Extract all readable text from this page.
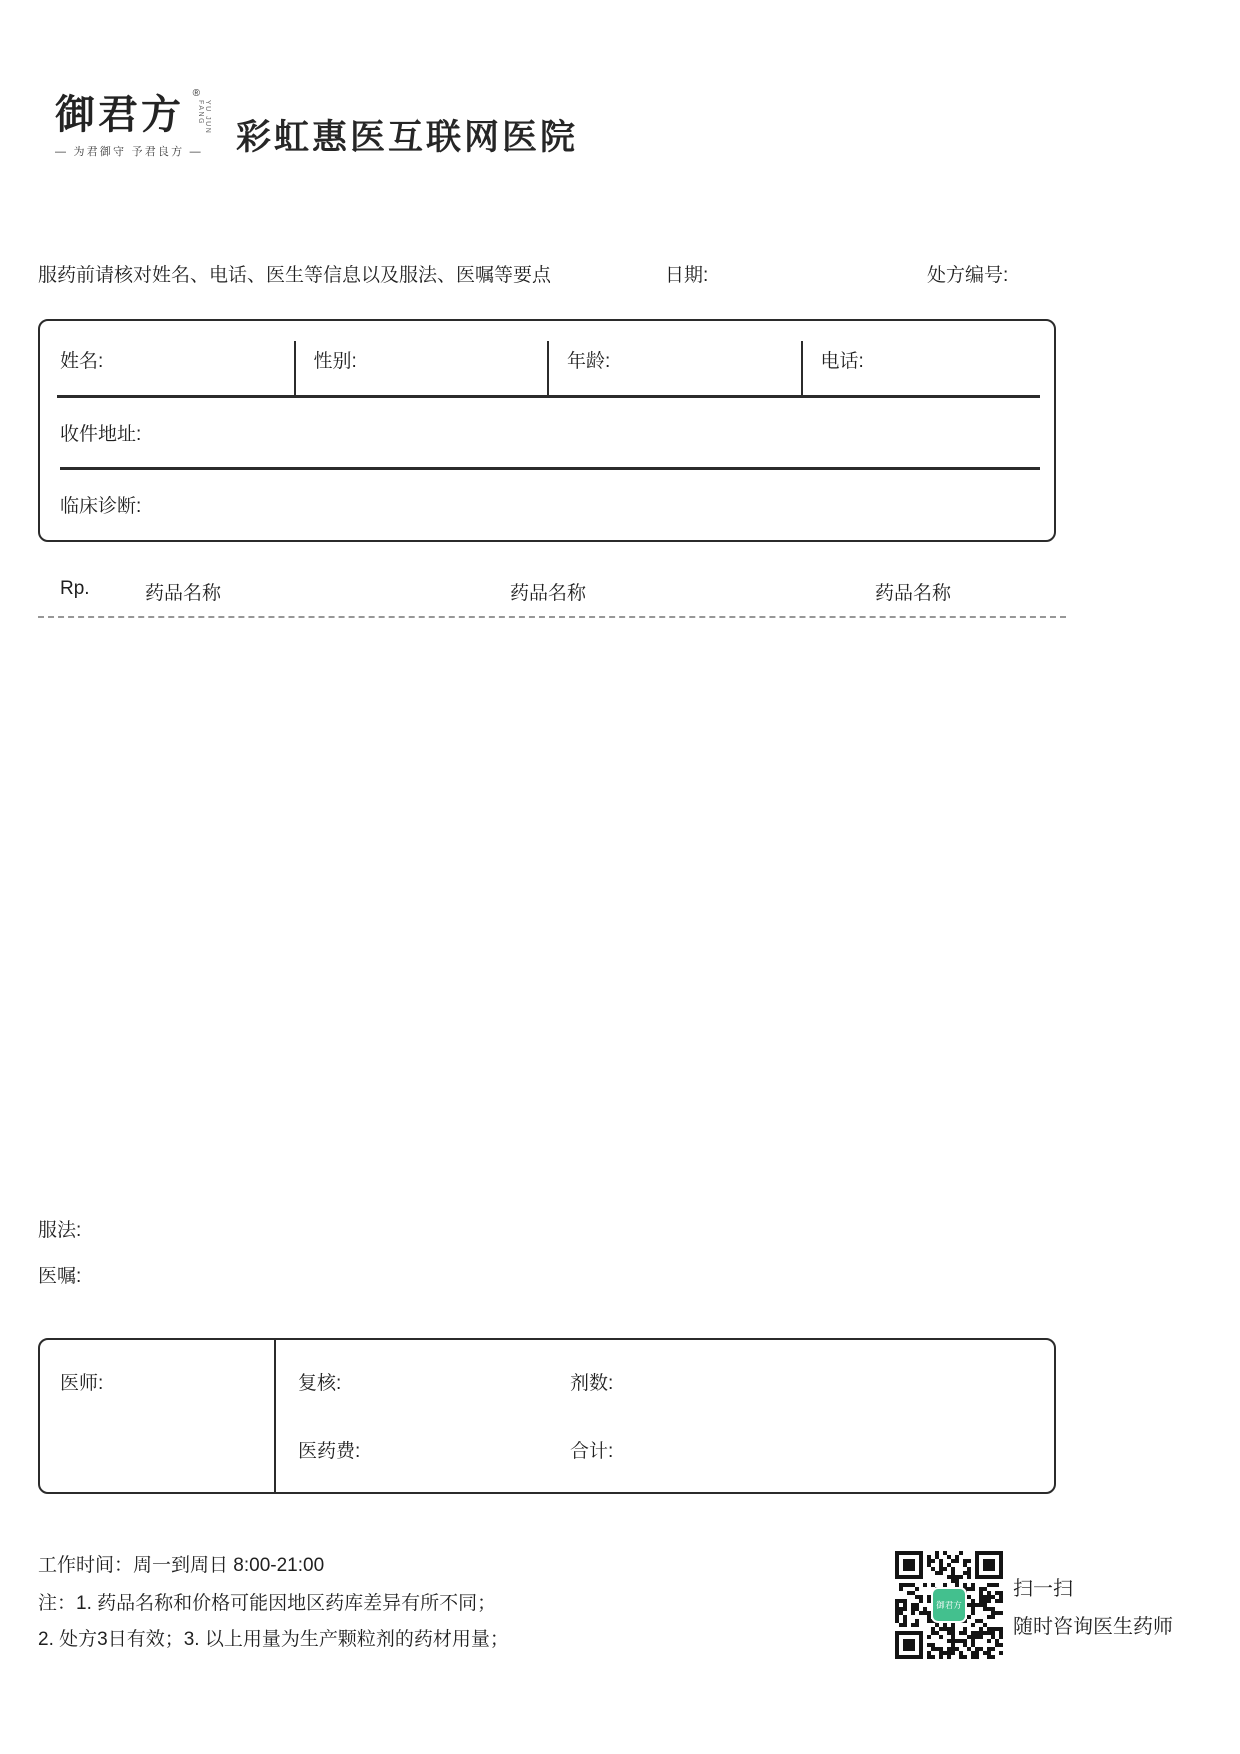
御君方 ®
YU JUN FANG
— 为君御守 予君良方 — 彩虹惠医互联网医院
服药前请核对姓名、电话、医生等信息以及服法、医嘱等要点	日期:	处方编号:
姓名:	性别:	年龄:	电话:
收件地址:
临床诊断:
Rp.	药品名称	药品名称	药品名称
服法:
医嘱:
医师:	复核:	剂数:
医药费:	合计:
工作时间：周一到周日 8:00-21:00
注：1. 药品名称和价格可能因地区药库差异有所不同；
2. 处方3日有效；3. 以上用量为生产颗粒剂的药材用量；
御君方
扫一扫
随时咨询医生药师
